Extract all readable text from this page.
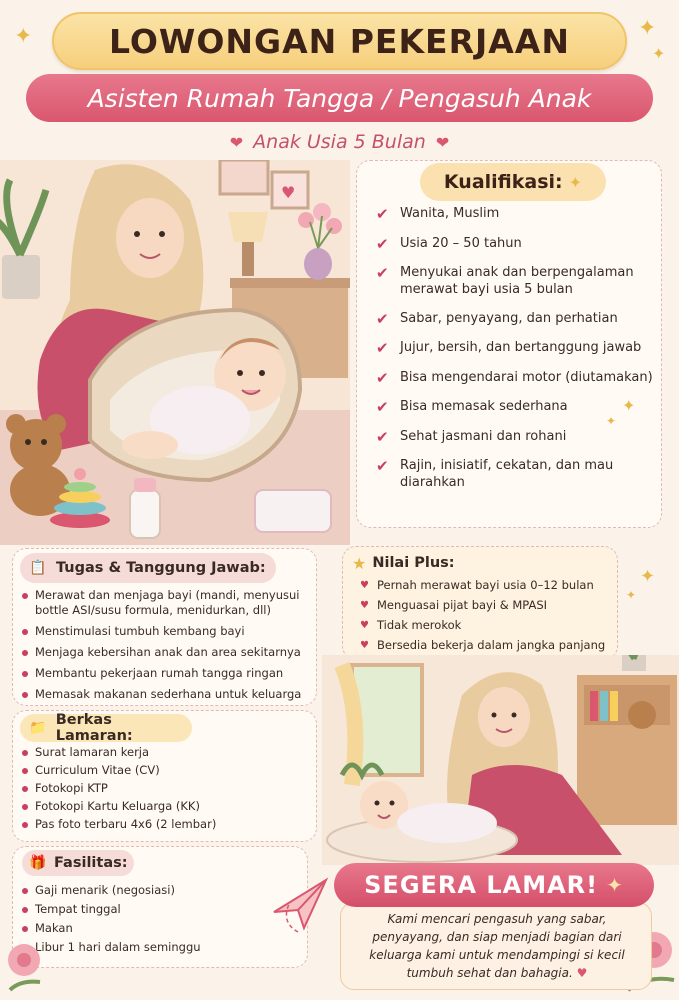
✦	✦
✦
LOWONGAN PEKERJAAN
Asisten Rumah Tangga / Pengasuh Anak
❤ Anak Usia 5 Bulan ❤
♥	Kualifikasi: ✦
✔ Wanita, Muslim
✔ Usia 20 – 50 tahun
✔ Menyukai anak dan berpengalaman merawat bayi usia 5 bulan
✔ Sabar, penyayang, dan perhatian
✔ Jujur, bersih, dan bertanggung jawab
✔ Bisa mengendarai motor (diutamakan)
✔ Bisa memasak sederhana
✔ Sehat jasmani dan rohani
✔ Rajin, inisiatif, cekatan, dan mau diarahkan
✦
✦
📋 Tugas & Tanggung Jawab:
Merawat dan menjaga bayi (mandi, menyusui bottle ASI/susu formula, menidurkan, dll)
Menstimulasi tumbuh kembang bayi
Menjaga kebersihan anak dan area sekitarnya
Membantu pekerjaan rumah tangga ringan
Memasak makanan sederhana untuk keluarga
★ Nilai Plus:
♥ Pernah merawat bayi usia 0–12 bulan
♥ Menguasai pijat bayi & MPASI
♥ Tidak merokok
♥ Bersedia bekerja dalam jangka panjang
✦
✦
📁 Berkas Lamaran:
Surat lamaran kerja
Curriculum Vitae (CV)
Fotokopi KTP
Fotokopi Kartu Keluarga (KK)
Pas foto terbaru 4x6 (2 lembar)
🎁 Fasilitas:
Gaji menarik (negosiasi)
Tempat tinggal
Makan
Libur 1 hari dalam seminggu
SEGERA LAMAR! ✦
Kami mencari pengasuh yang sabar, penyayang, dan siap menjadi bagian dari keluarga kami untuk mendampingi si kecil tumbuh sehat dan bahagia. ♥
